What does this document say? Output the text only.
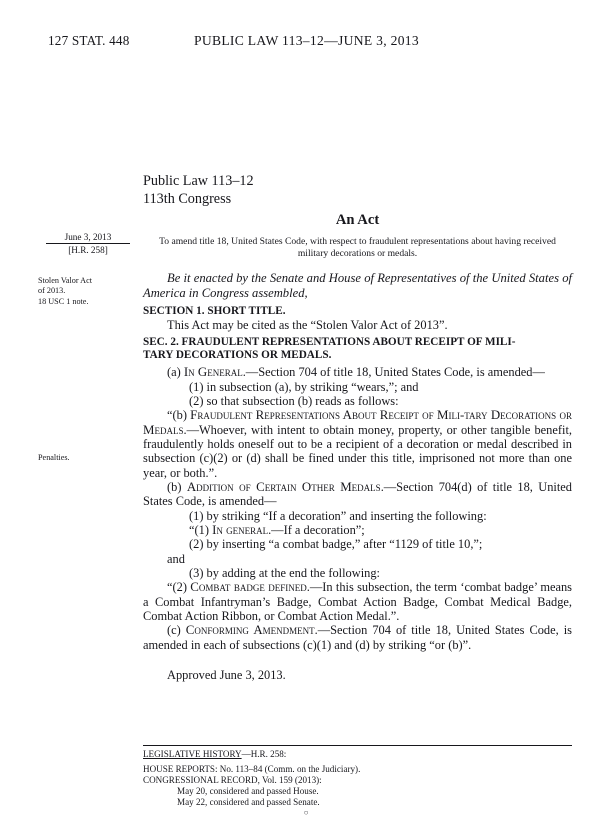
127 STAT. 448	PUBLIC LAW 113–12—JUNE 3, 2013
June 3, 2013
[H.R. 258]
Stolen Valor Act
of 2013.
18 USC 1 note.
Penalties.
Public Law 113–12
113th Congress
An Act
To amend title 18, United States Code, with respect to fraudulent representations about having received military decorations or medals.
Be it enacted by the Senate and House of Representatives of the United States of America in Congress assembled,

SECTION 1. SHORT TITLE.

This Act may be cited as the “Stolen Valor Act of 2013”.

SEC. 2. FRAUDULENT REPRESENTATIONS ABOUT RECEIPT OF MILI-

TARY DECORATIONS OR MEDALS.

(a) In General.—Section 704 of title 18, United States Code, is amended—

(1) in subsection (a), by striking “wears,”; and

(2) so that subsection (b) reads as follows:

“(b) Fraudulent Representations About Receipt of Mili-tary Decorations or Medals.—Whoever, with intent to obtain money, property, or other tangible benefit, fraudulently holds oneself out to be a recipient of a decoration or medal described in subsection (c)(2) or (d) shall be fined under this title, imprisoned not more than one year, or both.”.

(b) Addition of Certain Other Medals.—Section 704(d) of title 18, United States Code, is amended—

(1) by striking “If a decoration” and inserting the following:

“(1) In general.—If a decoration”;

(2) by inserting “a combat badge,” after “1129 of title 10,”;

and

(3) by adding at the end the following:

“(2) Combat badge defined.—In this subsection, the term ‘combat badge’ means a Combat Infantryman’s Badge, Combat Action Badge, Combat Medical Badge, Combat Action Ribbon, or Combat Action Medal.”.

(c) Conforming Amendment.—Section 704 of title 18, United States Code, is amended in each of subsections (c)(1) and (d) by striking “or (b)”.

Approved June 3, 2013.

LEGISLATIVE HISTORY—H.R. 258:
HOUSE REPORTS: No. 113–84 (Comm. on the Judiciary).
CONGRESSIONAL RECORD, Vol. 159 (2013):
May 20, considered and passed House.
May 22, considered and passed Senate.
○
